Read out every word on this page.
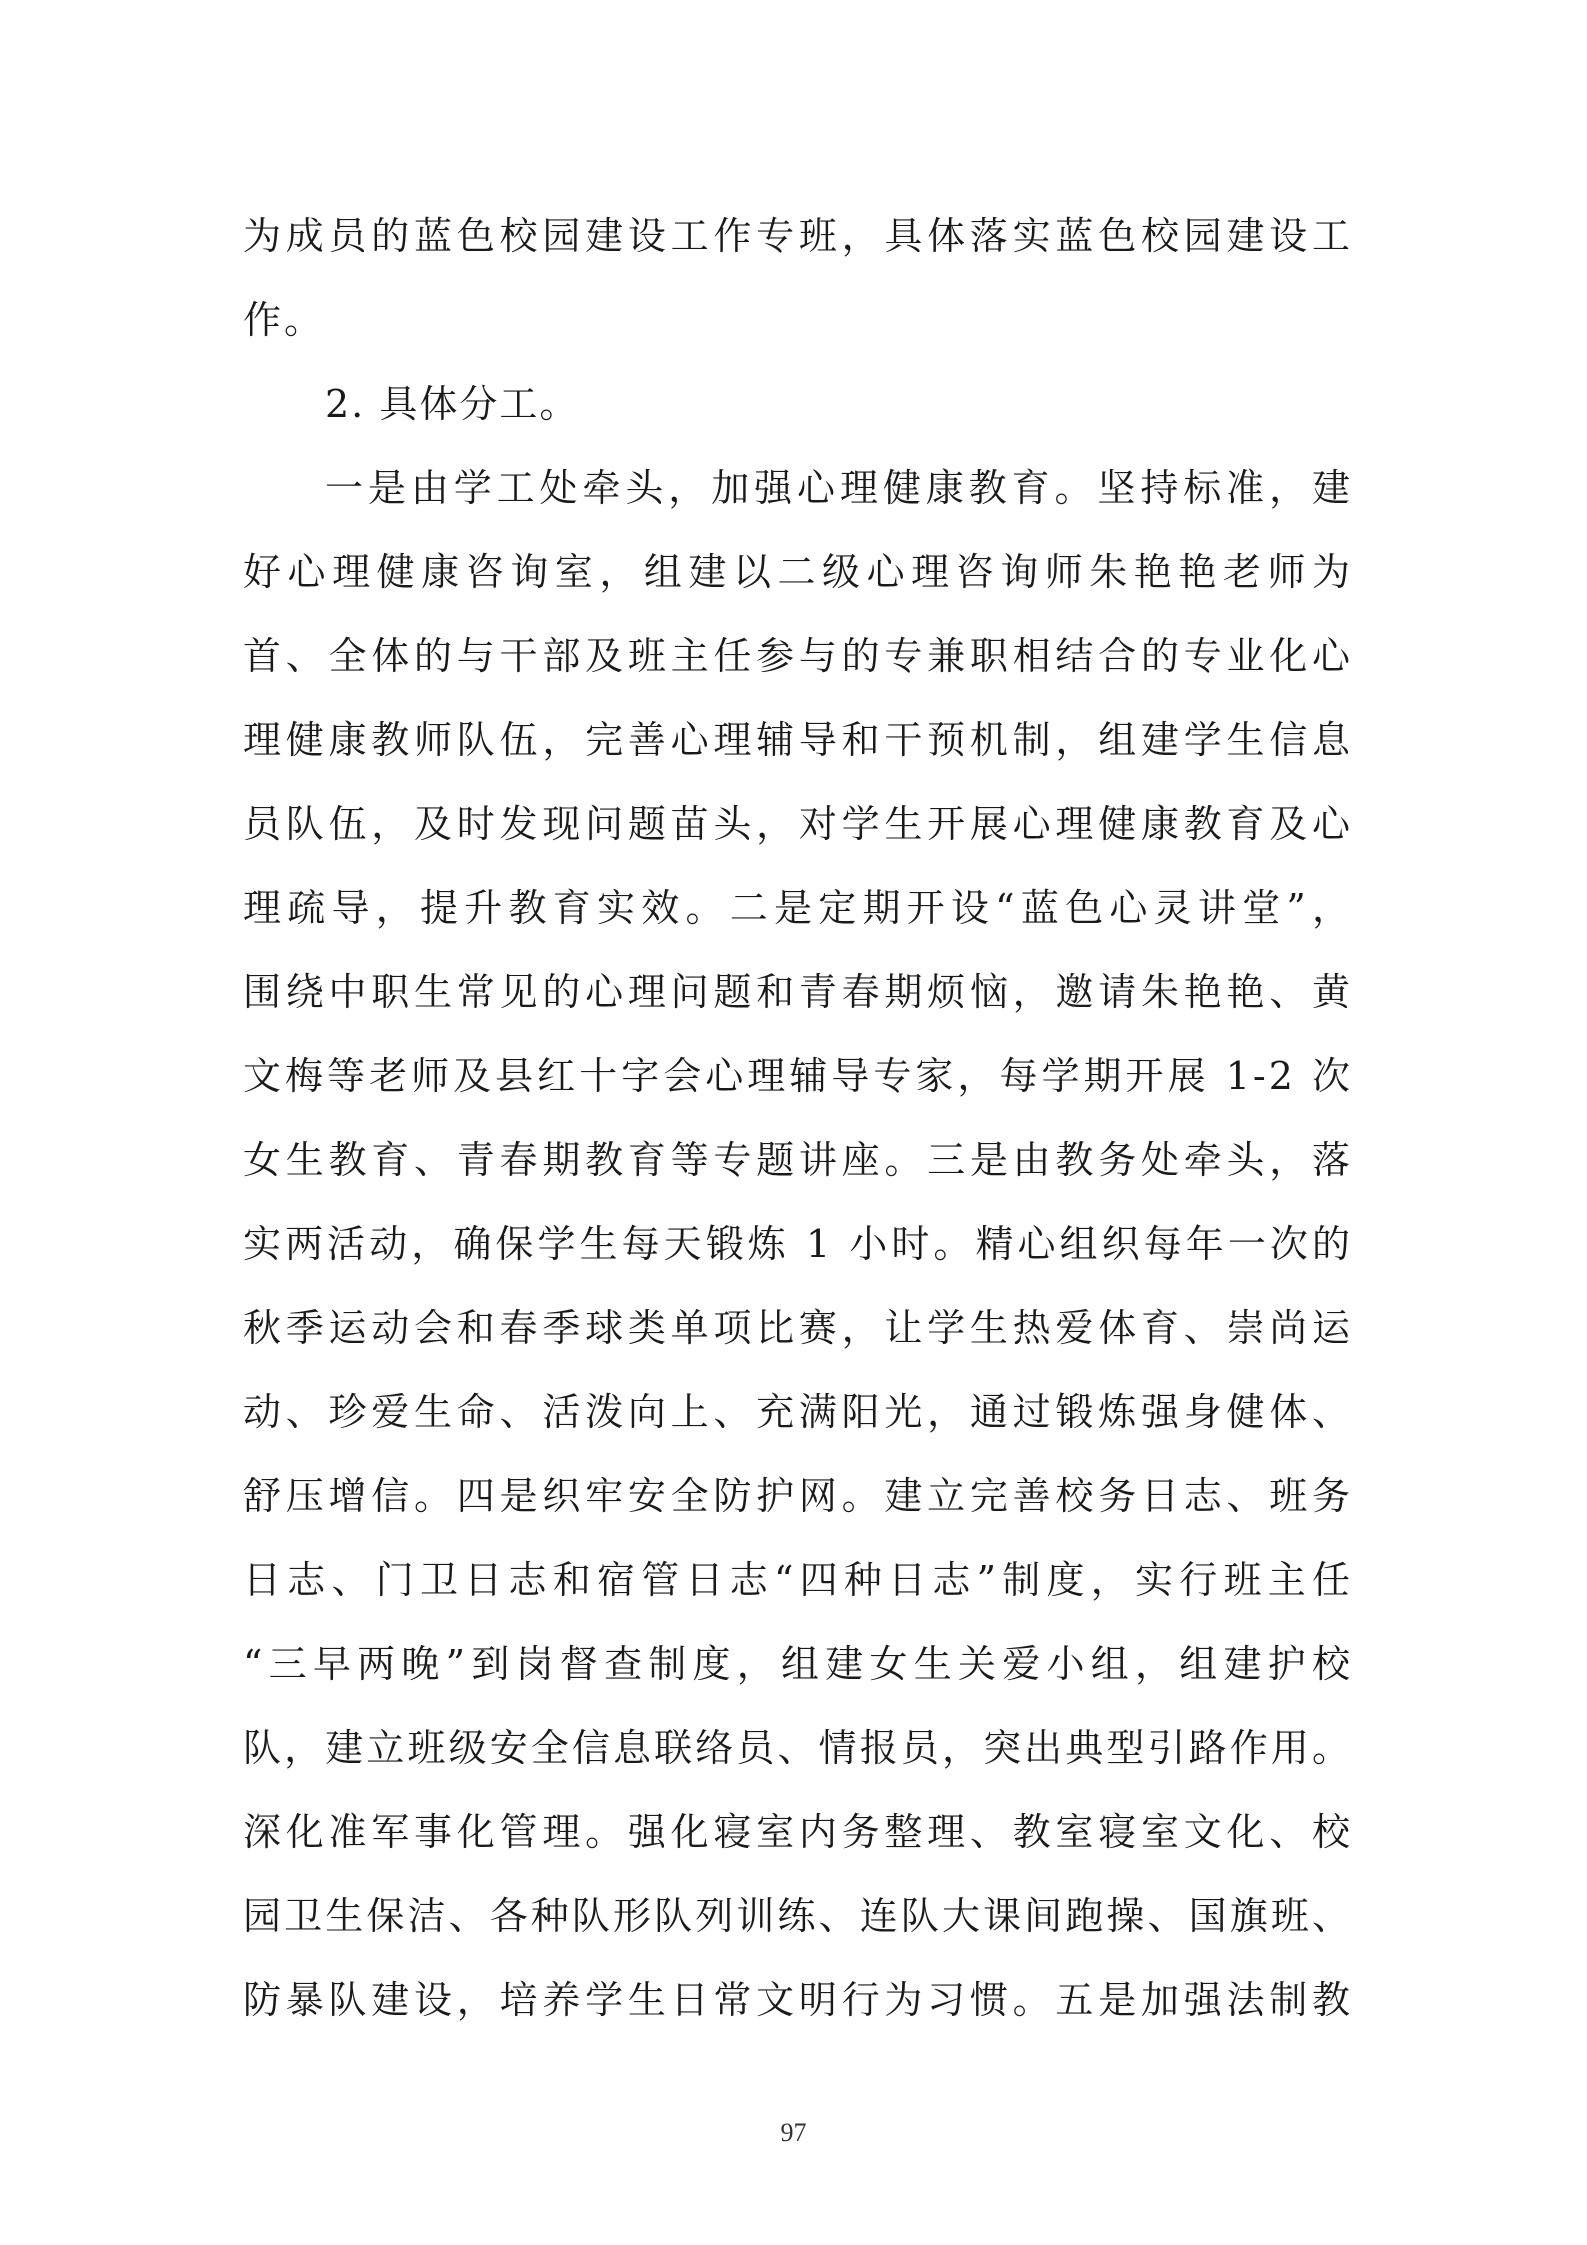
为成员的蓝色校园建设工作专班，具体落实蓝色校园建设工
作。
2. 具体分工。
一是由学工处牵头，加强心理健康教育。坚持标准，建
好心理健康咨询室，组建以二级心理咨询师朱艳艳老师为
首、全体的与干部及班主任参与的专兼职相结合的专业化心
理健康教师队伍，完善心理辅导和干预机制，组建学生信息
员队伍，及时发现问题苗头，对学生开展心理健康教育及心
理疏导，提升教育实效。二是定期开设“蓝色心灵讲堂”，
围绕中职生常见的心理问题和青春期烦恼，邀请朱艳艳、黄
文梅等老师及县红十字会心理辅导专家，每学期开展 1-2 次
女生教育、青春期教育等专题讲座。三是由教务处牵头，落
实两活动，确保学生每天锻炼 1 小时。精心组织每年一次的
秋季运动会和春季球类单项比赛，让学生热爱体育、崇尚运
动、珍爱生命、活泼向上、充满阳光，通过锻炼强身健体、
舒压增信。四是织牢安全防护网。建立完善校务日志、班务
日志、门卫日志和宿管日志“四种日志”制度，实行班主任
“三早两晚”到岗督查制度，组建女生关爱小组，组建护校
队，建立班级安全信息联络员、情报员，突出典型引路作用。
深化准军事化管理。强化寝室内务整理、教室寝室文化、校
园卫生保洁、各种队形队列训练、连队大课间跑操、国旗班、
防暴队建设，培养学生日常文明行为习惯。五是加强法制教
97
